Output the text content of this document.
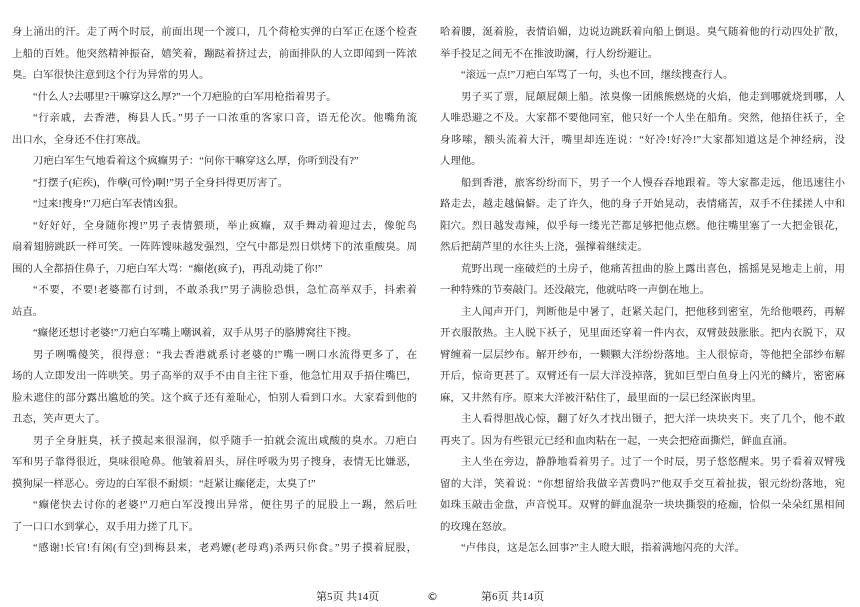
身上涌出的汗。走了两个时辰，前面出现一个渡口，几个荷枪实弹的白军正在逐个检查
上船的百姓。他突然精神振奋，嬉笑着，蹦跶着挤过去，前面排队的人立即闻到一阵浓
臭。白军很快注意到这个行为异常的男人。
“什么人?去哪里?干嘛穿这么厚?”一个刀疤脸的白军用枪指着男子。
“行亲戚，去香港，梅县人氏。”男子一口浓重的客家口音，语无伦次。他嘴角流
出口水，全身还不住打寒战。
刀疤白军生气地看着这个疯癫男子：“问你干嘛穿这么厚，你听到没有?”
“打摆子(疟疾)，作孽(可怜)啊!”男子全身抖得更厉害了。
“过来!搜身!”刀疤白军表情凶狠。
“好好好，全身随你搜!”男子表情猥琐，举止疯癫，双手舞动着迎过去，像鸵鸟
扇着翅膀跳跃一样可笑。一阵阵馊味越发强烈，空气中都是烈日烘烤下的浓重酸臭。周
围的人全都捂住鼻子，刀疤白军大骂：“癫佬(疯子)，再乱动毙了你!”
“不要，不要!老婆都冇讨到，不敢杀我!”男子满脸恐惧，急忙高举双手，抖索着
站直。
“癫佬还想讨老婆!”刀疤白军嘴上嘲讽着，双手从男子的胳膊窝往下搜。
男子咧嘴傻笑，很得意：“我去香港就系讨老婆的!”嘴一咧口水流得更多了，在
场的人立即发出一阵哄笑。男子高举的双手不由自主往下垂，他急忙用双手捂住嘴巴，
脸未遮住的部分露出尴尬的笑。这个疯子还有羞耻心，怕别人看到口水。大家看到他的
丑态，笑声更大了。
男子全身脏臭，袄子摸起来很湿润，似乎随手一拍就会流出咸酸的臭水。刀疤白
军和男子靠得很近，臭味很呛鼻。他皱着眉头，屏住呼吸为男子搜身，表情无比嫌恶，
摸狗屎一样恶心。旁边的白军很不耐烦：“赶紧让癫佬走，太臭了!”
“癫佬快去讨你的老婆!”刀疤白军没搜出异常，便往男子的屁股上一踢，然后吐
了一口口水到掌心，双手用力搓了几下。
“感谢!长官!有闲(有空)到梅县来，老鸡嬷(老母鸡)杀两只你食。”男子摸着屁股，
哈着腰，涎着脸，表情谄媚，边说边跳跃着向船上倒退。臭气随着他的行动四处扩散，
举手投足之间无不在推波助澜，行人纷纷避让。
“滚远一点!”刀疤白军骂了一句，头也不回，继续搜查行人。
男子买了票，屁颠屁颠上船。浓臭像一团熊熊燃烧的火焰，他走到哪就烧到哪，人
人唯恐避之不及。大家都不要他同室，他只好一个人坐在船角。突然，他捂住袄子，全
身哆嗦，额头流着大汗，嘴里却连连说：“好冷!好冷!”大家都知道这是个神经病，没
人理他。
船到香港，旅客纷纷而下，男子一个人慢吞吞地跟着。等大家都走远，他迅速往小
路走去，越走越偏僻。走了许久，他的身子开始晃动，表情痛苦，双手不住揉搓人中和
阳穴。烈日越发毒辣，似乎每一缕光芒都足够把他点燃。他往嘴里塞了一大把金银花，
然后把葫芦里的水往头上浇，强撑着继续走。
荒野出现一座破烂的土房子，他痛苦扭曲的脸上露出喜色，摇摇晃晃地走上前，用
一种特殊的节奏敲门。还没敲完，他就咕咚一声倒在地上。
主人闻声开门，判断他是中暑了，赶紧关起门，把他移到密室，先给他喂药，再解
开衣服散热。主人脱下袄子，见里面还穿着一件内衣，双臂鼓鼓胀胀。把内衣脱下，双
臂缠着一层层纱布。解开纱布，一颗颗大洋纷纷落地。主人很惊奇，等他把全部纱布解
开后，惊奇更甚了。双臂还有一层大洋没掉落，犹如巨型白鱼身上闪光的鳞片，密密麻
麻，又井然有序。原来大洋被汗粘住了，最里面的一层已经深嵌肉里。
主人看得胆战心惊，翻了好久才找出镊子，把大洋一块块夹下。夹了几个，他不敢
再夹了。因为有些银元已经和血肉粘在一起，一夹会把疮面撕烂，鲜血直涌。
主人坐在旁边，静静地看着男子。过了一个时辰，男子悠悠醒来。男子看着双臂残
留的大洋，笑着说：“你想留给我做辛苦费吗?”他双手交互着扯拔，银元纷纷落地，宛
如珠玉敲击金盘，声音悦耳。双臂的鲜血混杂一块块撕裂的疮痂，恰似一朵朵红黑相间
的玫瑰在怒放。
“卢伟良，这是怎么回事?”主人瞪大眼，指着满地闪亮的大洋。
第5页 共14页	©	第6页 共14页
